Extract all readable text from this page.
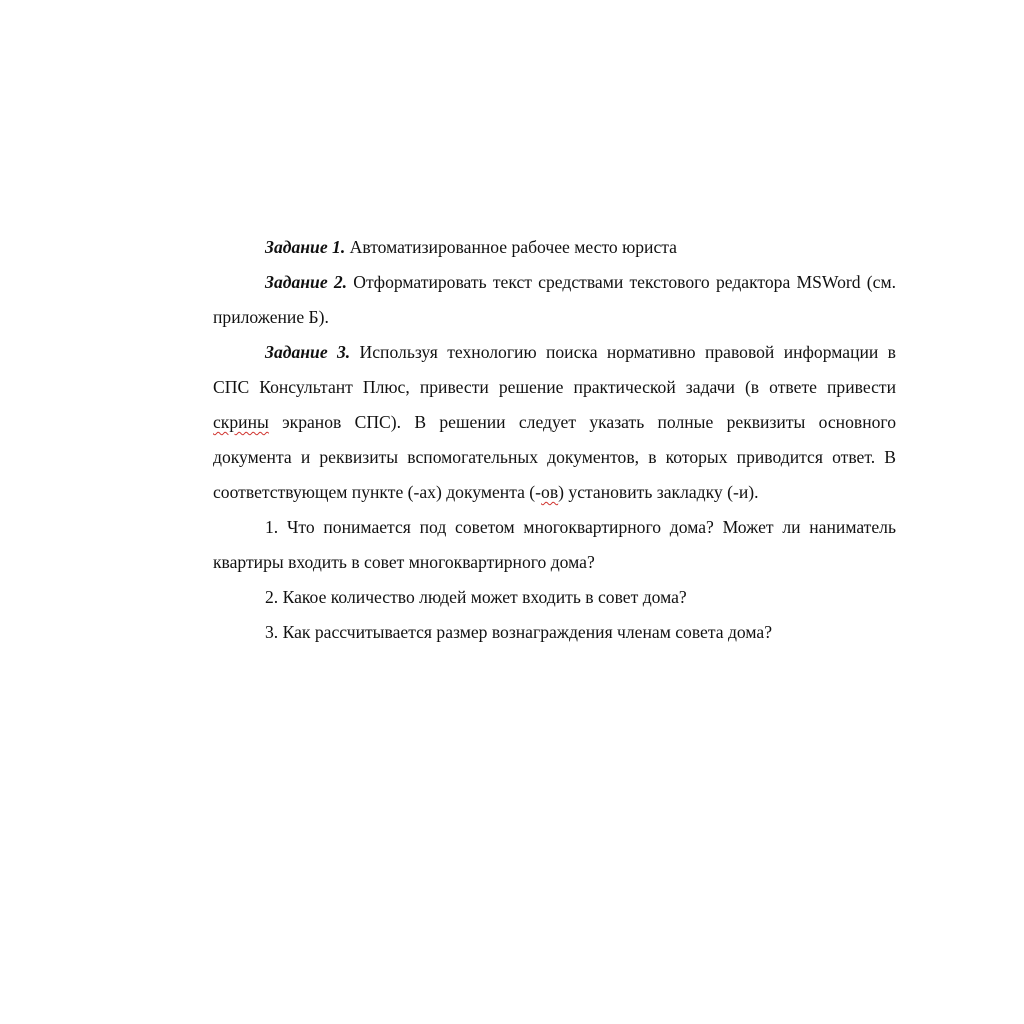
Задание 1. Автоматизированное рабочее место юриста

Задание 2. Отформатировать текст средствами текстового редактора MSWord (см. приложение Б).

Задание 3. Используя технологию поиска нормативно правовой информации в СПС Консультант Плюс, привести решение практической задачи (в ответе привести скрины экранов СПС). В решении следует указать полные реквизиты основного документа и реквизиты вспомогательных документов, в которых приводится ответ. В соответствующем пункте (-ах) документа (-ов) установить закладку (-и).

1. Что понимается под советом многоквартирного дома? Может ли наниматель квартиры входить в совет многоквартирного дома?

2. Какое количество людей может входить в совет дома?

3. Как рассчитывается размер вознаграждения членам совета дома?
